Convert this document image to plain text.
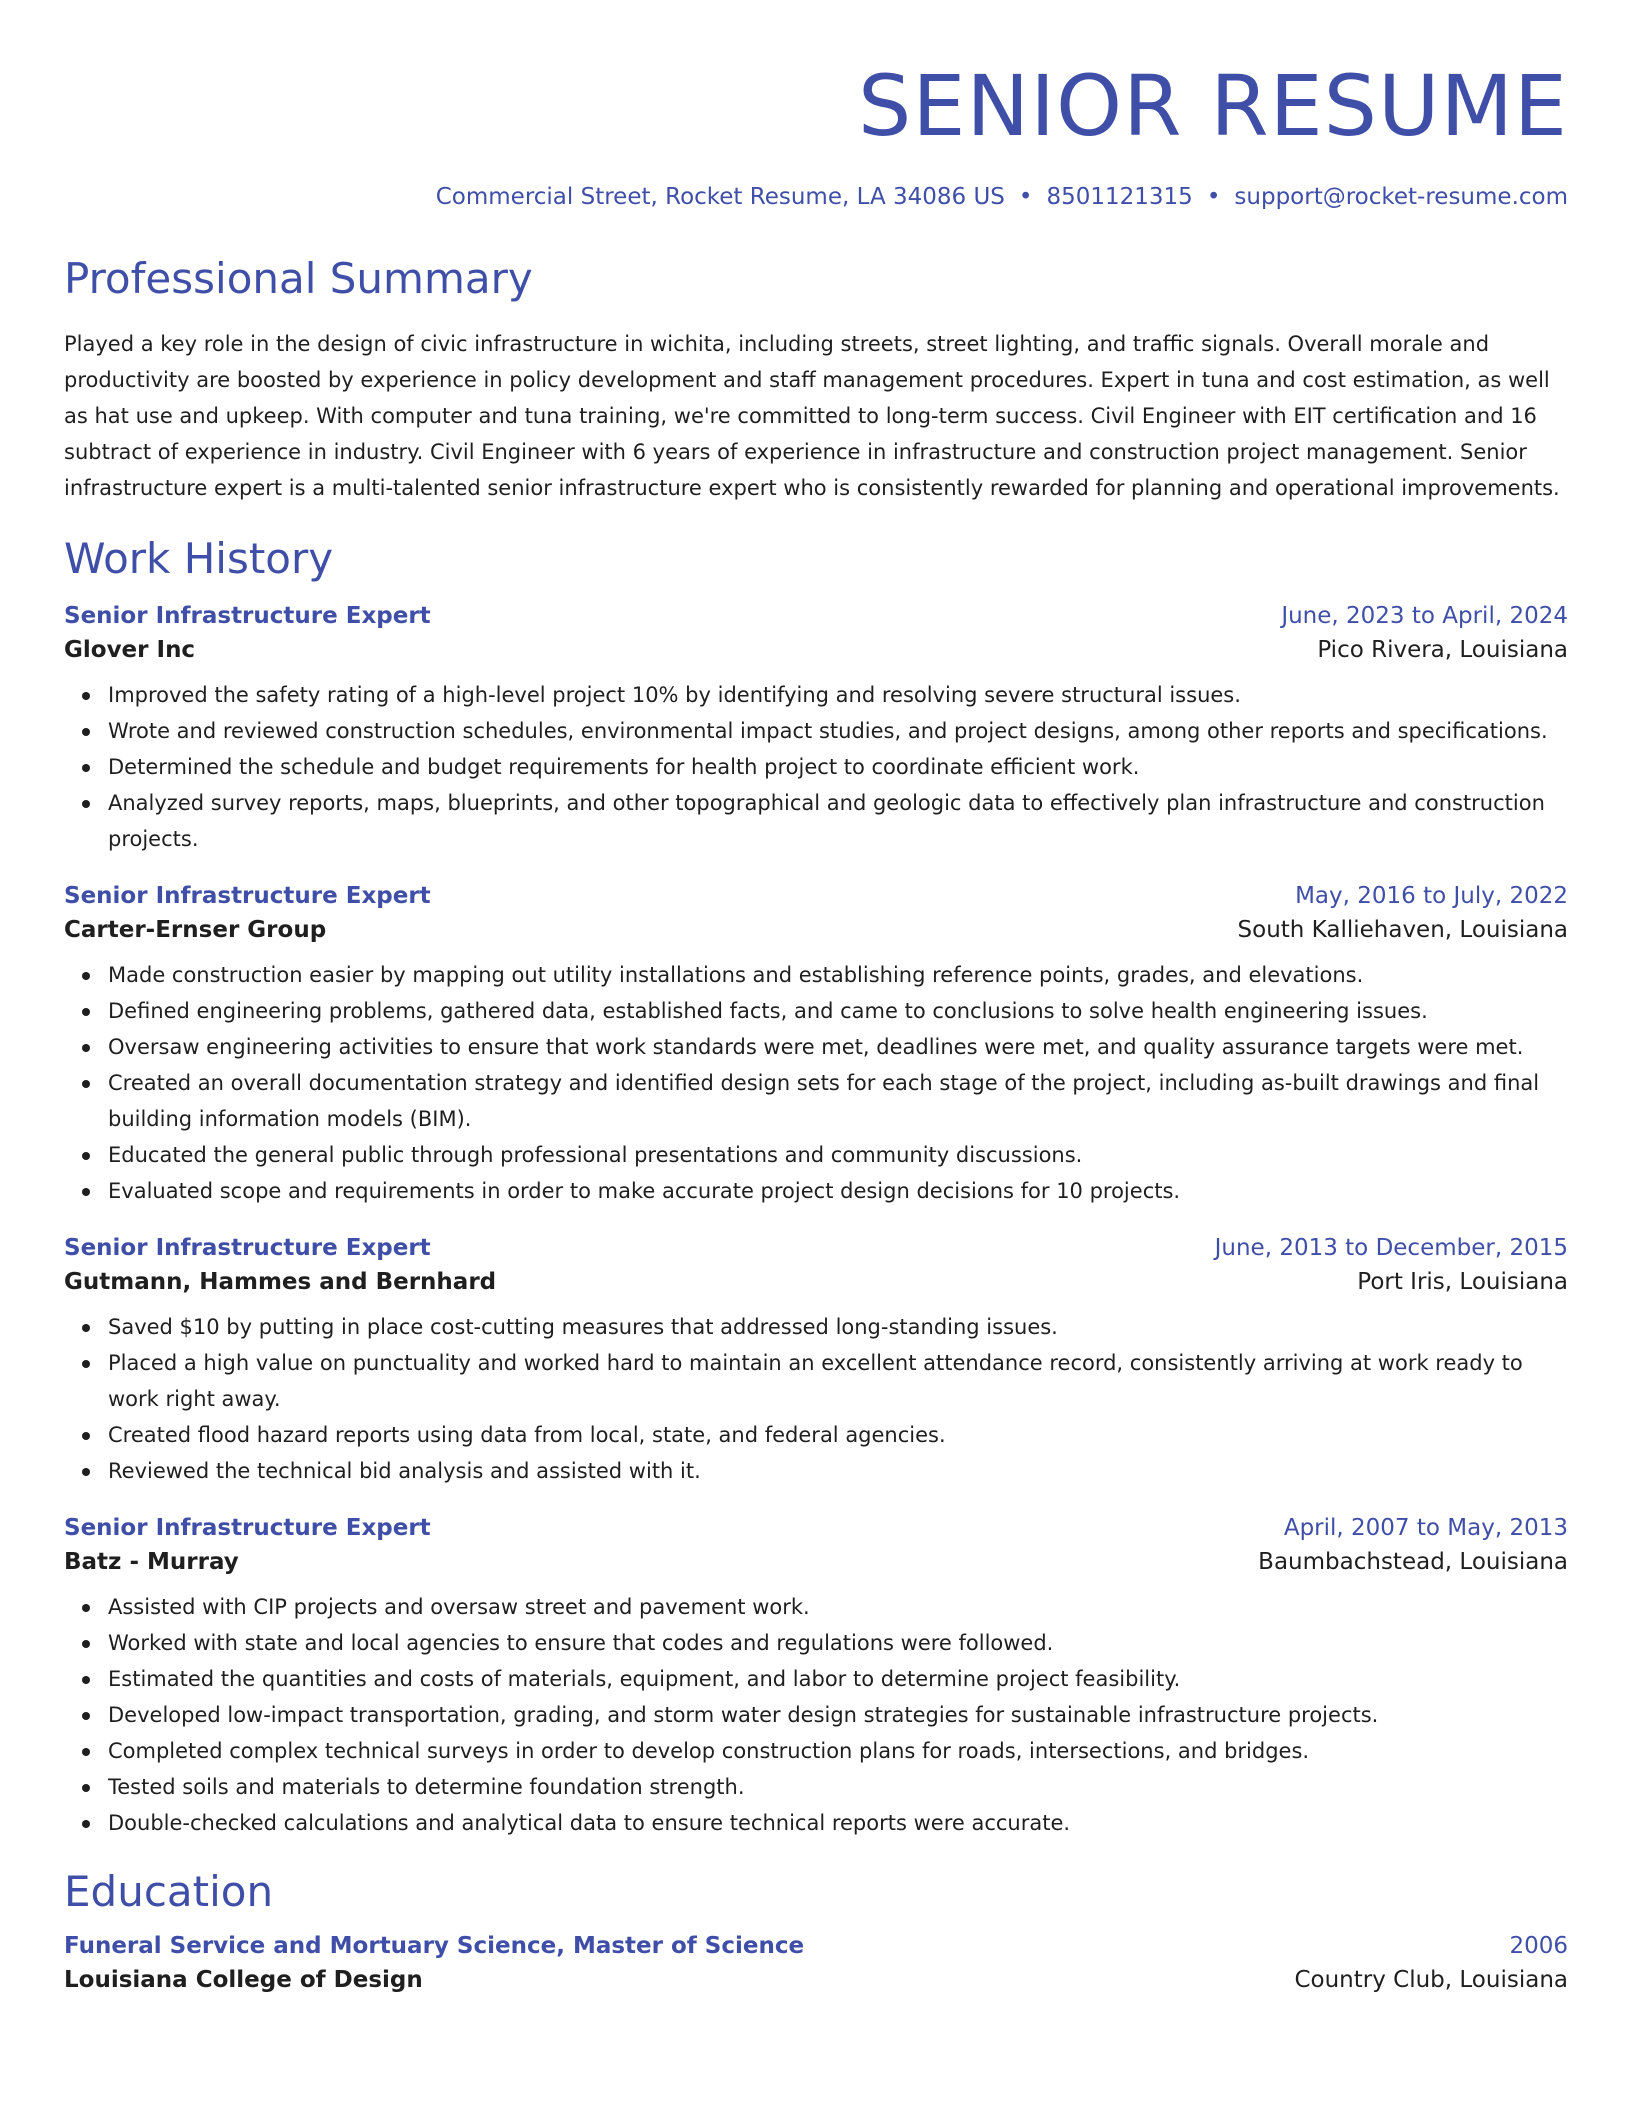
SENIOR RESUME
Commercial Street, Rocket Resume, LA 34086 US • 8501121315 • support@rocket-resume.com
Professional Summary
Played a key role in the design of civic infrastructure in wichita, including streets, street lighting, and traffic signals. Overall morale and productivity are boosted by experience in policy development and staff management procedures. Expert in tuna and cost estimation, as well as hat use and upkeep. With computer and tuna training, we're committed to long-term success. Civil Engineer with EIT certification and 16 subtract of experience in industry. Civil Engineer with 6 years of experience in infrastructure and construction project management. Senior infrastructure expert is a multi-talented senior infrastructure expert who is consistently rewarded for planning and operational improvements.
Work History
Senior Infrastructure Expert	June, 2023 to April, 2024
Glover Inc	Pico Rivera, Louisiana
Improved the safety rating of a high-level project 10% by identifying and resolving severe structural issues.
Wrote and reviewed construction schedules, environmental impact studies, and project designs, among other reports and specifications.
Determined the schedule and budget requirements for health project to coordinate efficient work.
Analyzed survey reports, maps, blueprints, and other topographical and geologic data to effectively plan infrastructure and construction projects.
Senior Infrastructure Expert	May, 2016 to July, 2022
Carter-Ernser Group	South Kalliehaven, Louisiana
Made construction easier by mapping out utility installations and establishing reference points, grades, and elevations.
Defined engineering problems, gathered data, established facts, and came to conclusions to solve health engineering issues.
Oversaw engineering activities to ensure that work standards were met, deadlines were met, and quality assurance targets were met.
Created an overall documentation strategy and identified design sets for each stage of the project, including as-built drawings and final building information models (BIM).
Educated the general public through professional presentations and community discussions.
Evaluated scope and requirements in order to make accurate project design decisions for 10 projects.
Senior Infrastructure Expert	June, 2013 to December, 2015
Gutmann, Hammes and Bernhard	Port Iris, Louisiana
Saved $10 by putting in place cost-cutting measures that addressed long-standing issues.
Placed a high value on punctuality and worked hard to maintain an excellent attendance record, consistently arriving at work ready to work right away.
Created flood hazard reports using data from local, state, and federal agencies.
Reviewed the technical bid analysis and assisted with it.
Senior Infrastructure Expert	April, 2007 to May, 2013
Batz - Murray	Baumbachstead, Louisiana
Assisted with CIP projects and oversaw street and pavement work.
Worked with state and local agencies to ensure that codes and regulations were followed.
Estimated the quantities and costs of materials, equipment, and labor to determine project feasibility.
Developed low-impact transportation, grading, and storm water design strategies for sustainable infrastructure projects.
Completed complex technical surveys in order to develop construction plans for roads, intersections, and bridges.
Tested soils and materials to determine foundation strength.
Double-checked calculations and analytical data to ensure technical reports were accurate.
Education
Funeral Service and Mortuary Science, Master of Science	2006
Louisiana College of Design	Country Club, Louisiana
